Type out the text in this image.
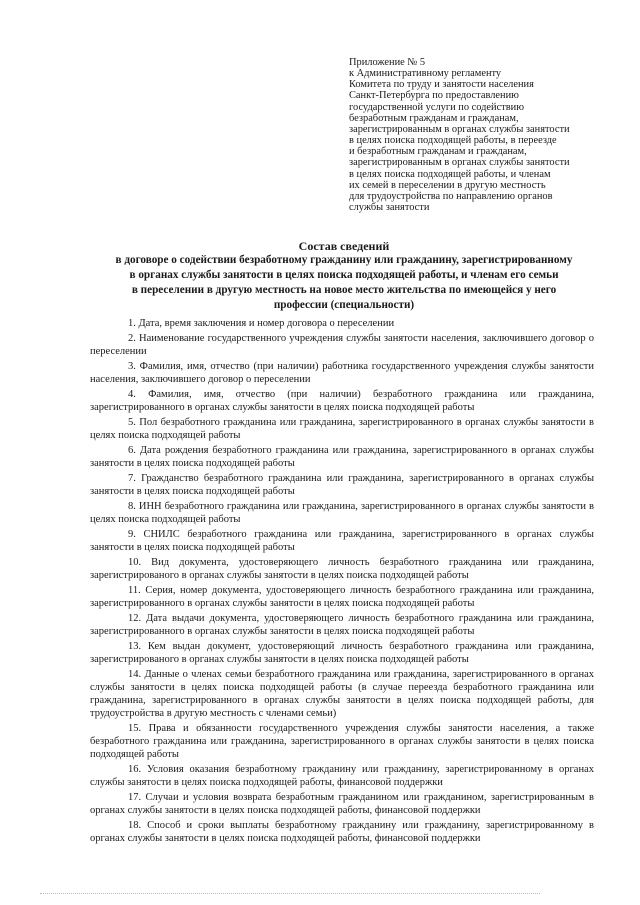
Приложение № 5
к Административному регламенту
Комитета по труду и занятости населения
Санкт-Петербурга по предоставлению
государственной услуги по содействию
безработным гражданам и гражданам,
зарегистрированным в органах службы занятости
в целях поиска подходящей работы, в переезде
и безработным гражданам и гражданам,
зарегистрированным в органах службы занятости
в целях поиска подходящей работы, и членам
их семей в переселении в другую местность
для трудоустройства по направлению органов
службы занятости
Состав сведений
в договоре о содействии безработному гражданину или гражданину, зарегистрированному
в органах службы занятости в целях поиска подходящей работы, и членам его семьи
в переселении в другую местность на новое место жительства по имеющейся у него
профессии (специальности)

1. Дата, время заключения и номер договора о переселении

2. Наименование государственного учреждения службы занятости населения, заключившего договор о переселении

3. Фамилия, имя, отчество (при наличии) работника государственного учреждения службы занятости населения, заключившего договор о переселении

4. Фамилия, имя, отчество (при наличии) безработного гражданина или гражданина, зарегистрированного в органах службы занятости в целях поиска подходящей работы

5. Пол безработного гражданина или гражданина, зарегистрированного в органах службы занятости в целях поиска подходящей работы

6. Дата рождения безработного гражданина или гражданина, зарегистрированного в органах службы занятости в целях поиска подходящей работы

7. Гражданство безработного гражданина или гражданина, зарегистрированного в органах службы занятости в целях поиска подходящей работы

8. ИНН безработного гражданина или гражданина, зарегистрированного в органах службы занятости в целях поиска подходящей работы

9. СНИЛС безработного гражданина или гражданина, зарегистрированного в органах службы занятости в целях поиска подходящей работы

10. Вид документа, удостоверяющего личность безработного гражданина или гражданина, зарегистрированого в органах службы занятости в целях поиска подходящей работы

11. Серия, номер документа, удостоверяющего личность безработного гражданина или гражданина, зарегистрированного в органах службы занятости в целях поиска подходящей работы

12. Дата выдачи документа, удостоверяющего личность безработного гражданина или гражданина, зарегистрированного в органах службы занятости в целях поиска подходящей работы

13. Кем выдан документ, удостоверяющий личность безработного гражданина или гражданина, зарегистрированого в органах службы занятости в целях поиска подходящей работы

14. Данные о членах семьи безработного гражданина или гражданина, зарегистрированного в органах службы занятости в целях поиска подходящей работы (в случае переезда безработного гражданина или гражданина, зарегистрированного в органах службы занятости в целях поиска подходящей работы, для трудоустройства в другую местность с членами семьи)

15. Права и обязанности государственного учреждения службы занятости населения, а также безработного гражданина или гражданина, зарегистрированного в органах службы занятости в целях поиска подходящей работы

16. Условия оказания безработному гражданину или гражданину, зарегистрированному в органах службы занятости в целях поиска подходящей работы, финансовой поддержки

17. Случаи и условия возврата безработным гражданином или гражданином, зарегистрированным в органах службы занятости в целях поиска подходящей работы, финансовой поддержки

18. Способ и сроки выплаты безработному гражданину или гражданину, зарегистрированному в органах службы занятости в целях поиска подходящей работы, финансовой поддержки
